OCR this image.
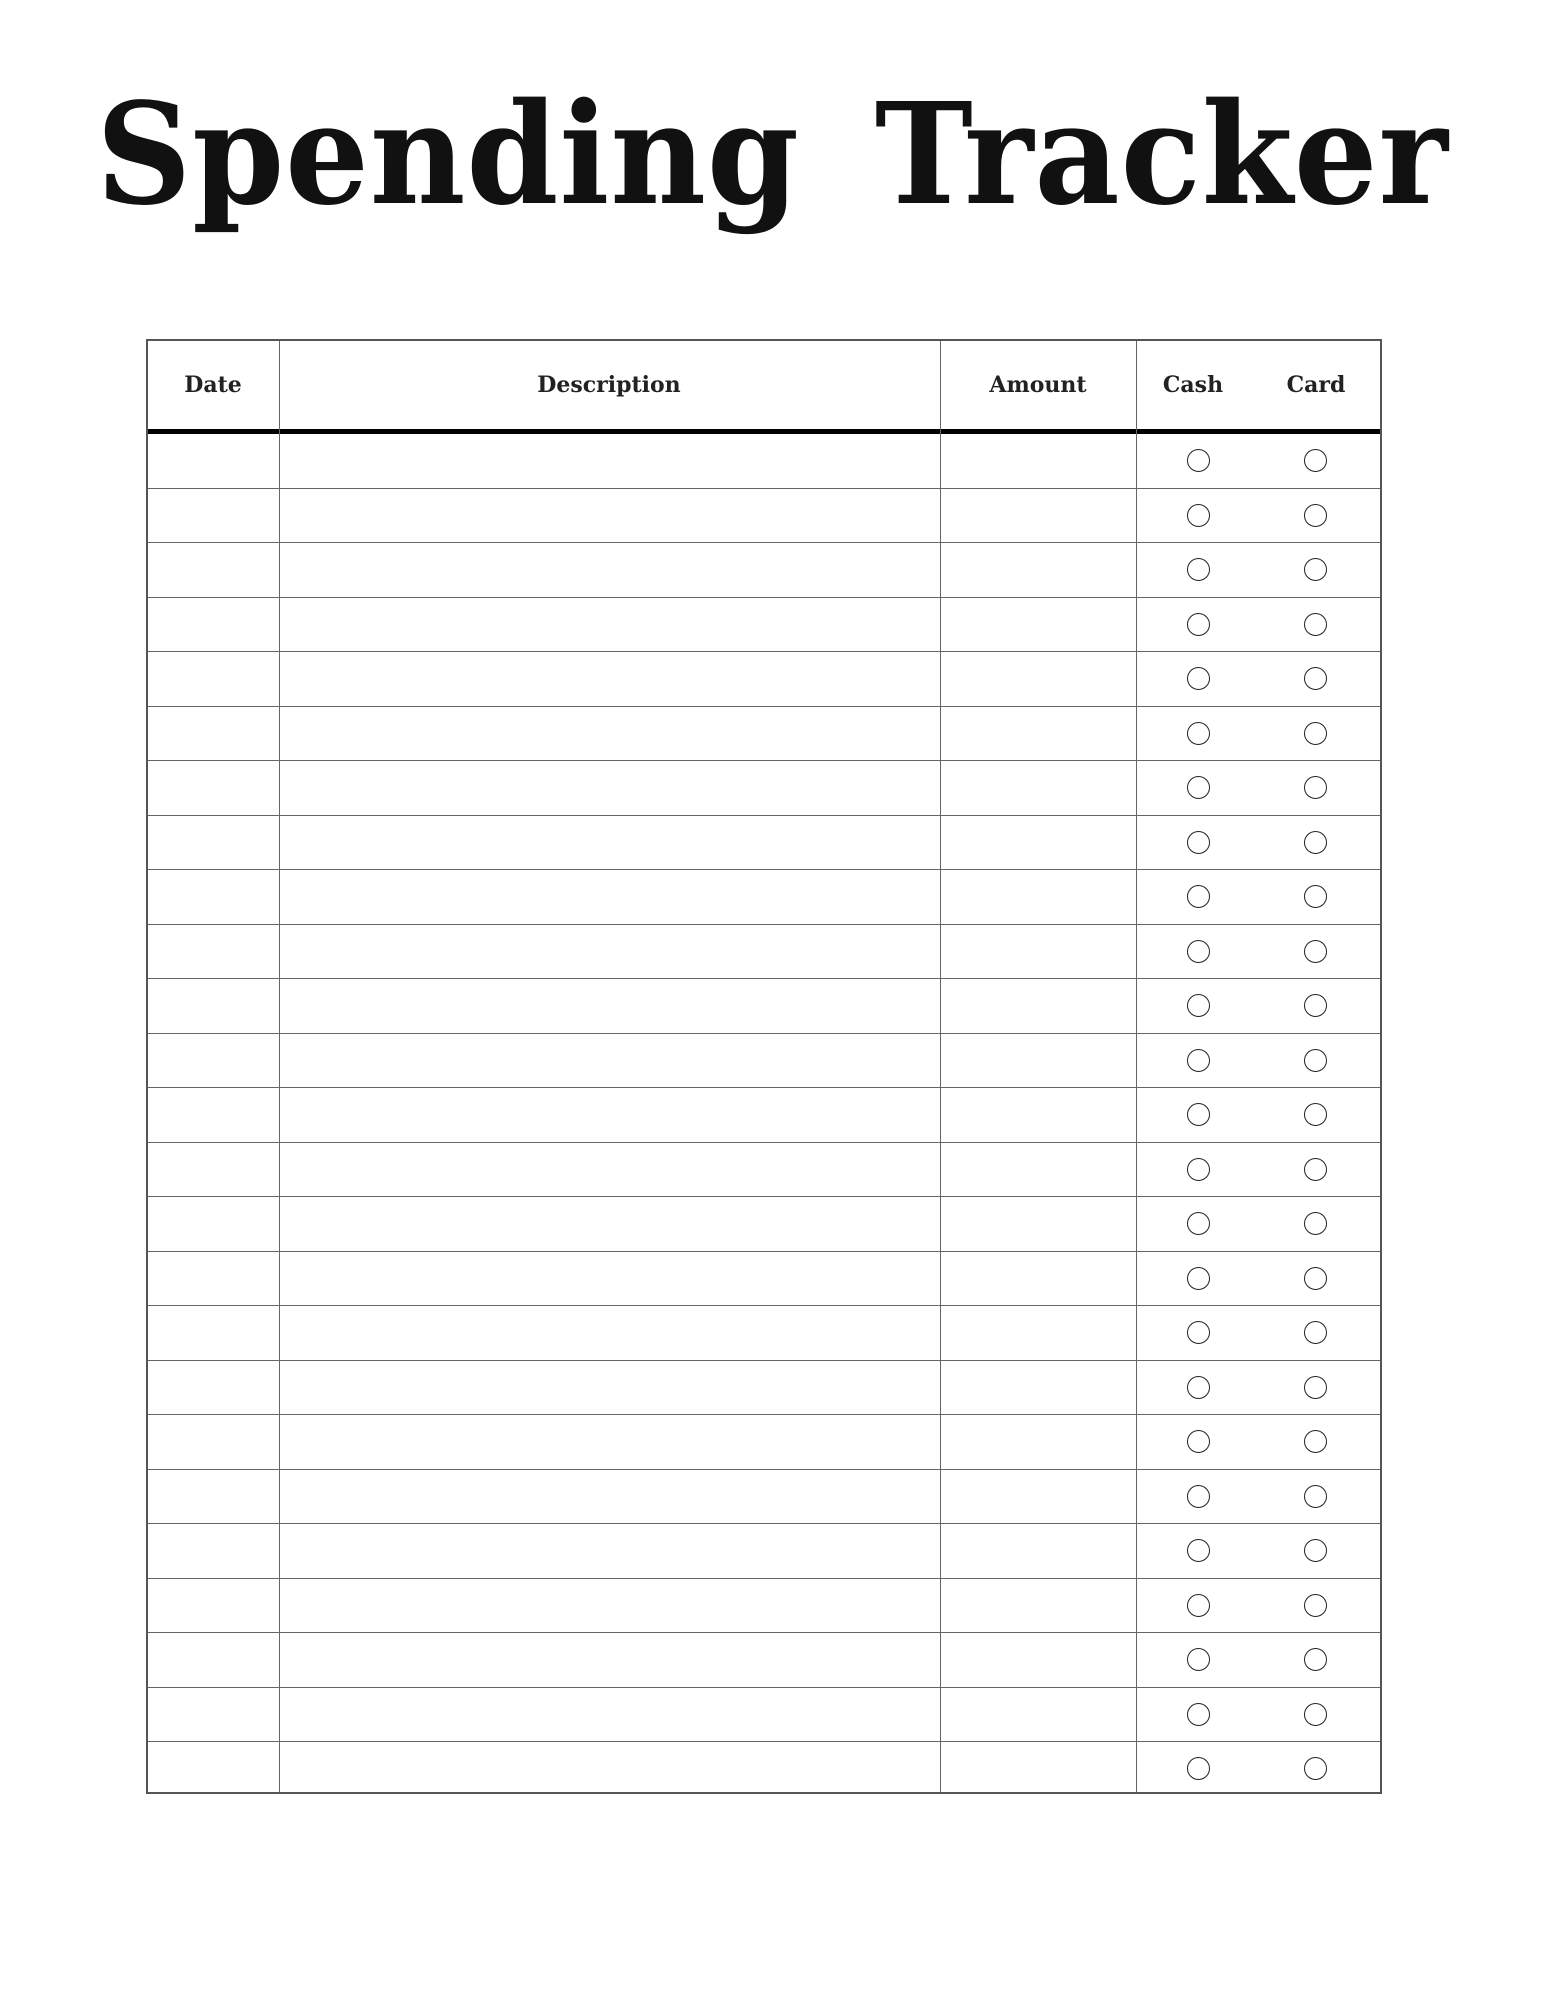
Spending Tracker
Date	Description	Amount	Cash	Card
